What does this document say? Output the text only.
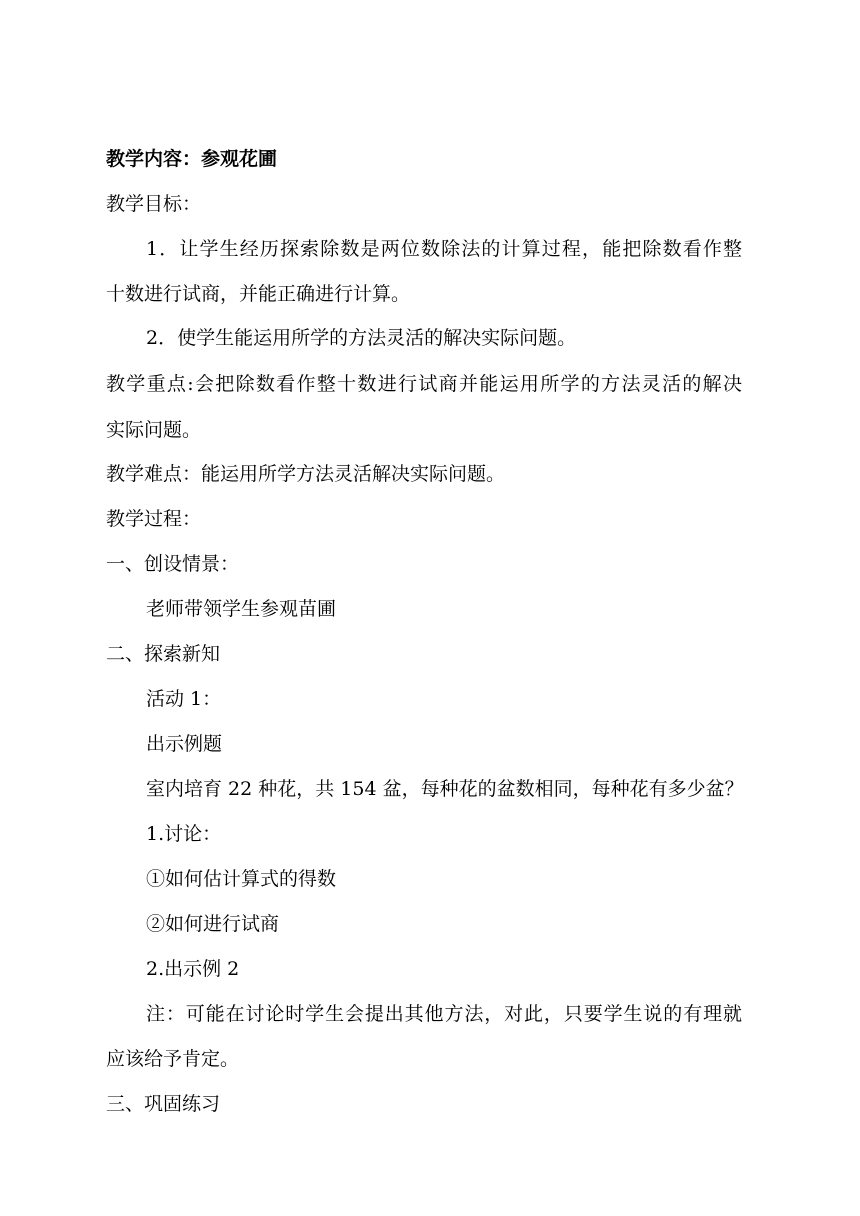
教学内容：参观花圃
教学目标：
1．让学生经历探索除数是两位数除法的计算过程，能把除数看作整
十数进行试商，并能正确进行计算。
2．使学生能运用所学的方法灵活的解决实际问题。
教学重点:会把除数看作整十数进行试商并能运用所学的方法灵活的解决
实际问题。
教学难点：能运用所学方法灵活解决实际问题。
教学过程：
一、创设情景：
老师带领学生参观苗圃
二、探索新知
活动 1：
出示例题
室内培育 22 种花，共 154 盆，每种花的盆数相同，每种花有多少盆？
1.讨论：
①如何估计算式的得数
②如何进行试商
2.出示例 2
注：可能在讨论时学生会提出其他方法，对此，只要学生说的有理就
应该给予肯定。
三、巩固练习
